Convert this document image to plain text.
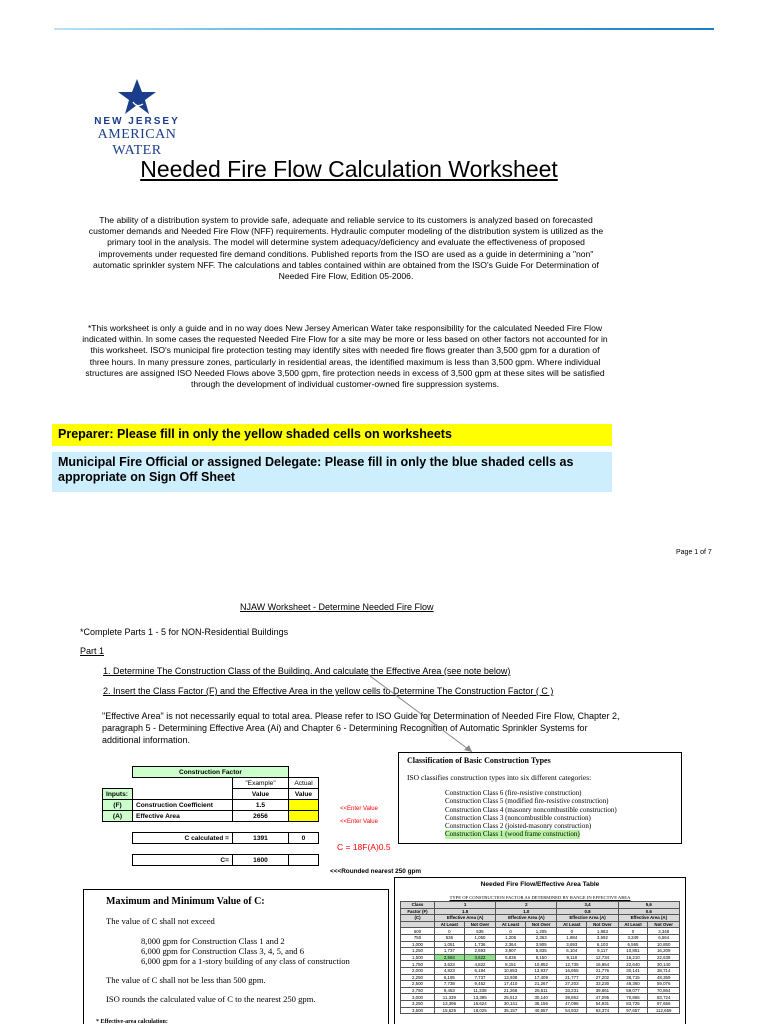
NEW JERSEY
AMERICAN WATER
Needed Fire Flow Calculation Worksheet

The ability of a distribution system to provide safe, adequate and reliable service to its customers is analyzed based on forecasted customer demands and Needed Fire Flow (NFF) requirements. Hydraulic computer modeling of the distribution system is utilized as the primary tool in the analysis. The model will determine system adequacy/deficiency and evaluate the effectiveness of proposed improvements under requested fire demand conditions. Published reports from the ISO are used as a guide in determining a "non" automatic sprinkler system NFF. The calculations and tables contained within are obtained from the ISO's Guide For Determination of Needed Fire Flow, Edition 05-2006.

*This worksheet is only a guide and in no way does New Jersey American Water take responsibility for the calculated Needed Fire Flow indicated within. In some cases the requested Needed Fire Flow for a site may be more or less based on other factors not accounted for in this worksheet. ISO's municipal fire protection testing may identify sites with needed fire flows greater than 3,500 gpm for a duration of three hours. In many pressure zones, particularly in residential areas, the identified maximum is less than 3,500 gpm. Where individual structures are assigned ISO Needed Flows above 3,500 gpm, fire protection needs in excess of 3,500 gpm at these sites will be satisfied through the development of individual customer-owned fire suppression systems.

Preparer: Please fill in only the yellow shaded cells on worksheets
Municipal Fire Official or assigned Delegate: Please fill in only the blue shaded cells as appropriate on Sign Off Sheet
Page 1 of 7
NJAW Worksheet - Determine Needed Fire Flow
*Complete Parts 1 - 5 for NON-Residential Buildings
Part 1
1. Determine The Construction Class of the Building. And calculate the Effective Area (see note below)
2. Insert the Class Factor (F) and the Effective Area in the yellow cells to Determine The Construction Factor ( C )
"Effective Area" is not necessarily equal to total area. Please refer to ISO Guide for Determination of Needed Fire Flow, Chapter 2, paragraph 5 - Determining Effective Area (Ai) and Chapter 6 - Determining Recognition of Automatic Sprinkler Systems for additional information.
	Construction Factor		
		"Example"	Actual
Inputs:		Value	Value
(F)	Construction Coefficient	1.5	
(A)	Effective Area	2656	

	C calculated =	1391	0

	C=	1600	
<<Enter Value
<<Enter Value
C = 18F(A)0.5
<<<Rounded nearest 250 gpm
Classification of Basic Construction Types
ISO classifies construction types into six different categories:
Construction Class 6 (fire-resistive construction)
Construction Class 5 (modified fire-resistive construction)
Construction Class 4 (masonry noncombustible construction)
Construction Class 3 (noncombustible construction)
Construction Class 2 (joisted-masonry construction)
Construction Class 1 (wood frame construction)
Maximum and Minimum Value of C:

The value of C shall not exceed

8,000 gpm for Construction Class 1 and 2
6,000 gpm for Construction Class 3, 4, 5, and 6
6,000 gpm for a 1-story building of any class of construction

The value of C shall not be less than 500 gpm.

ISO rounds the calculated value of C to the nearest 250 gpm.

* Effective-area calculation:
Needed Fire Flow/Effective Area Table
TYPE OF CONSTRUCTION FACTOR AS DETERMINED BY RANGE IN EFFECTIVE AREA
Class	1		2		3,4		5,6	
Factor (F)	1.5		1.0		0.8		0.6	
(C)	Effective Area (A)		Effective Area (A)		Effective Area (A)		Effective Area (A)	
	At Least	Not Over	At Least	Not Over	At Least	Not Over	At Least	Not Over
500	0	535	0	1,205	0	1,883	0	3,348
750	536	1,050	1,206	2,363	1,884	3,692	3,349	6,564
1,000	1,051	1,736	2,364	3,905	3,693	6,103	6,565	10,850
1,250	1,737	2,593	3,907	5,835	6,104	9,117	10,851	16,209
1,500	2,594	3,622	5,836	8,150	9,118	12,734	16,210	22,639
1,750	3,623	4,822	8,151	10,852	12,735	16,954	22,640	30,140
2,000	4,823	6,194	10,853	13,937	16,955	21,776	30,141	38,714
2,250	6,195	7,737	13,938	17,409	21,777	27,202	38,715	48,359
2,500	7,738	9,452	17,410	21,267	27,203	33,230	48,360	59,076
2,750	9,453	11,338	21,268	25,511	33,231	39,861	59,077	70,864
3,000	11,339	13,395	25,512	30,140	39,862	47,095	70,865	83,724
3,250	13,396	15,624	30,141	35,156	47,096	54,931	83,725	97,656
3,500	15,625	18,025	35,157	40,557	54,932	63,374	97,657	112,659
